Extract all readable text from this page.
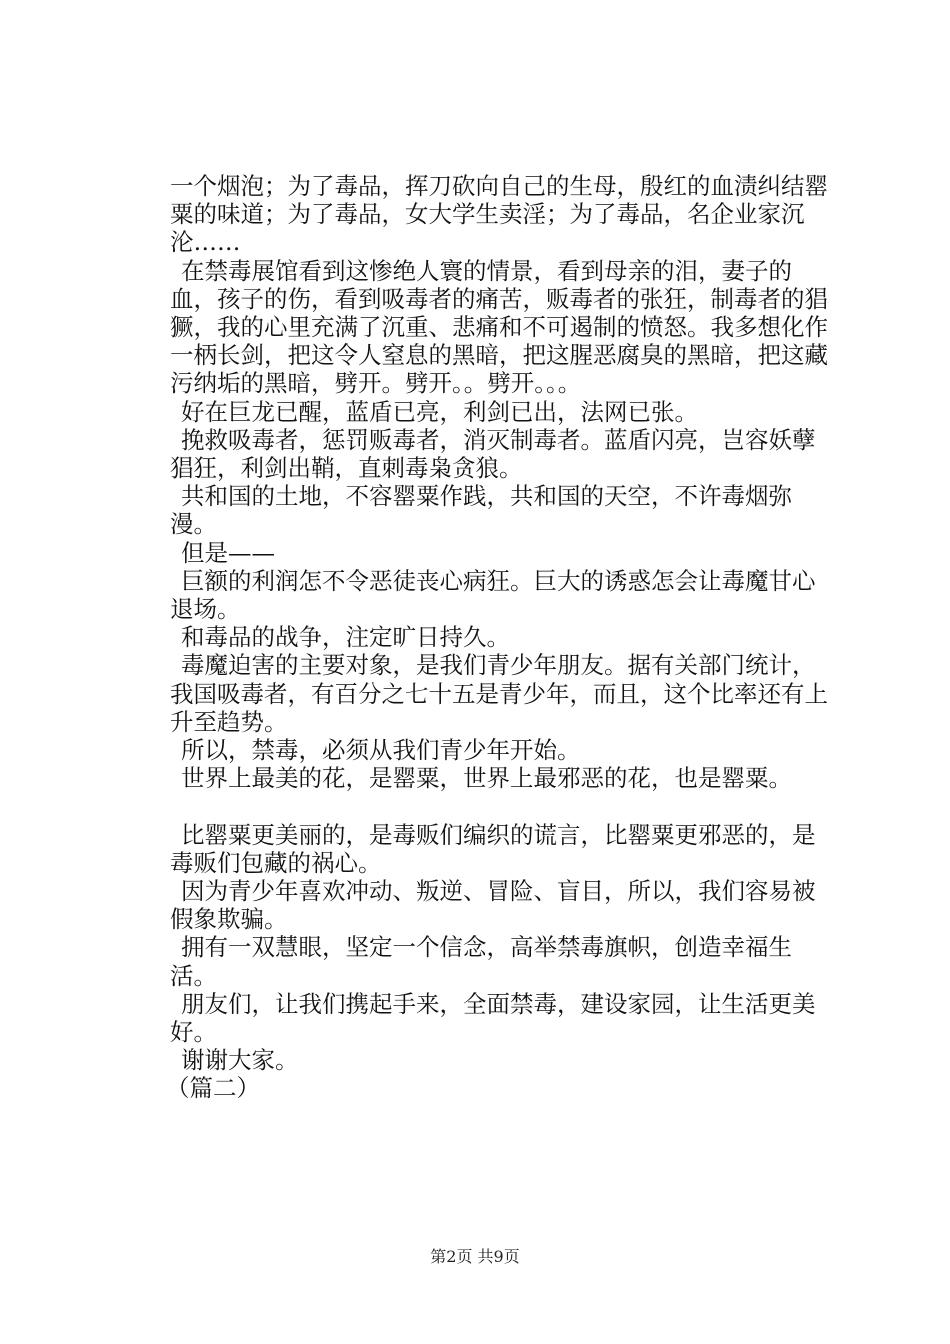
一个烟泡；为了毒品，挥刀砍向自己的生母，殷红的血渍纠结罂粟的味道；为了毒品，女大学生卖淫；为了毒品，名企业家沉沦……

在禁毒展馆看到这惨绝人寰的情景，看到母亲的泪，妻子的血，孩子的伤，看到吸毒者的痛苦，贩毒者的张狂，制毒者的猖獗，我的心里充满了沉重、悲痛和不可遏制的愤怒。我多想化作一柄长剑，把这令人窒息的黑暗，把这腥恶腐臭的黑暗，把这藏污纳垢的黑暗，劈开。劈开。。劈开。。。

好在巨龙已醒，蓝盾已亮，利剑已出，法网已张。

挽救吸毒者，惩罚贩毒者，消灭制毒者。蓝盾闪亮，岂容妖孽猖狂，利剑出鞘，直刺毒枭贪狼。

共和国的土地，不容罂粟作践，共和国的天空，不许毒烟弥漫。

但是——

巨额的利润怎不令恶徒丧心病狂。巨大的诱惑怎会让毒魔甘心退场。

和毒品的战争，注定旷日持久。

毒魔迫害的主要对象，是我们青少年朋友。据有关部门统计，我国吸毒者，有百分之七十五是青少年，而且，这个比率还有上升至趋势。

所以，禁毒，必须从我们青少年开始。

世界上最美的花，是罂粟，世界上最邪恶的花，也是罂粟。

比罂粟更美丽的，是毒贩们编织的谎言，比罂粟更邪恶的，是毒贩们包藏的祸心。

因为青少年喜欢冲动、叛逆、冒险、盲目，所以，我们容易被假象欺骗。

拥有一双慧眼，坚定一个信念，高举禁毒旗帜，创造幸福生活。

朋友们，让我们携起手来，全面禁毒，建设家园，让生活更美好。

谢谢大家。

（篇二）

第2页 共9页
